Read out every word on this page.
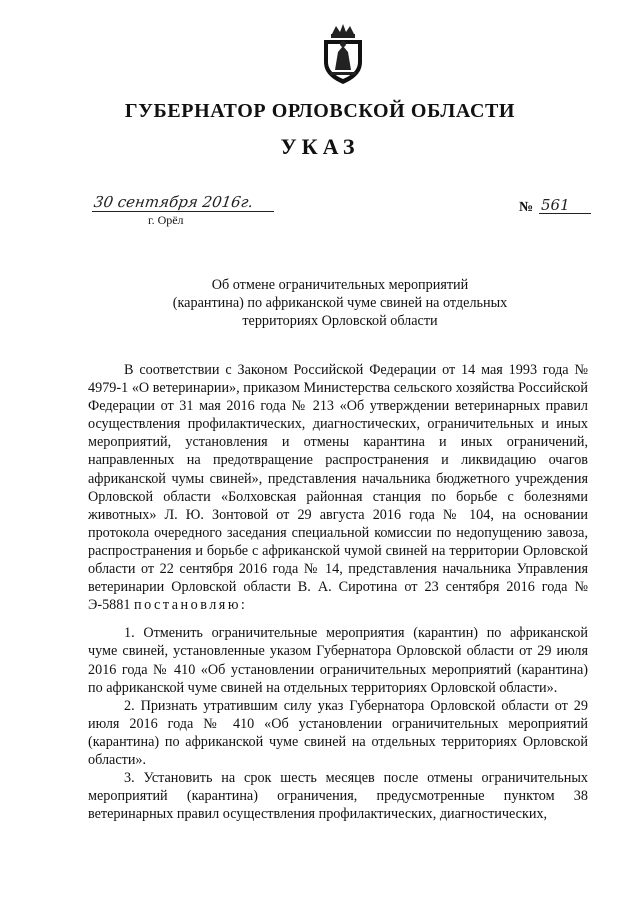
ГУБЕРНАТОР ОРЛОВСКОЙ ОБЛАСТИ
УКАЗ
30 сентября 2016г.
г. Орёл
№ 561
Об отмене ограничительных мероприятий
(карантина) по африканской чуме свиней на отдельных
территориях Орловской области

В соответствии с Законом Российской Федерации от 14 мая 1993 года № 4979-1 «О ветеринарии», приказом Министерства сельского хозяйства Российской Федерации от 31 мая 2016 года № 213 «Об утверждении ветеринарных правил осуществления профилактических, диагностических, ограничительных и иных мероприятий, установления и отмены карантина и иных ограничений, направленных на предотвращение распространения и ликвидацию очагов африканской чумы свиней», представления начальника бюджетного учреждения Орловской области «Болховская районная станция по борьбе с болезнями животных» Л. Ю. Зонтовой от 29 августа 2016 года № 104, на основании протокола очередного заседания специальной комиссии по недопущению завоза, распространения и борьбе с африканской чумой свиней на территории Орловской области от 22 сентября 2016 года № 14, представления начальника Управления ветеринарии Орловской области В. А. Сиротина от 23 сентября 2016 года № Э-5881 постановляю:

1. Отменить ограничительные мероприятия (карантин) по африканской чуме свиней, установленные указом Губернатора Орловской области от 29 июля 2016 года № 410 «Об установлении ограничительных мероприятий (карантина) по африканской чуме свиней на отдельных территориях Орловской области».

2. Признать утратившим силу указ Губернатора Орловской области от 29 июля 2016 года № 410 «Об установлении ограничительных мероприятий (карантина) по африканской чуме свиней на отдельных территориях Орловской области».

3. Установить на срок шесть месяцев после отмены ограничительных мероприятий (карантина) ограничения, предусмотренные пунктом 38 ветеринарных правил осуществления профилактических, диагностических,
